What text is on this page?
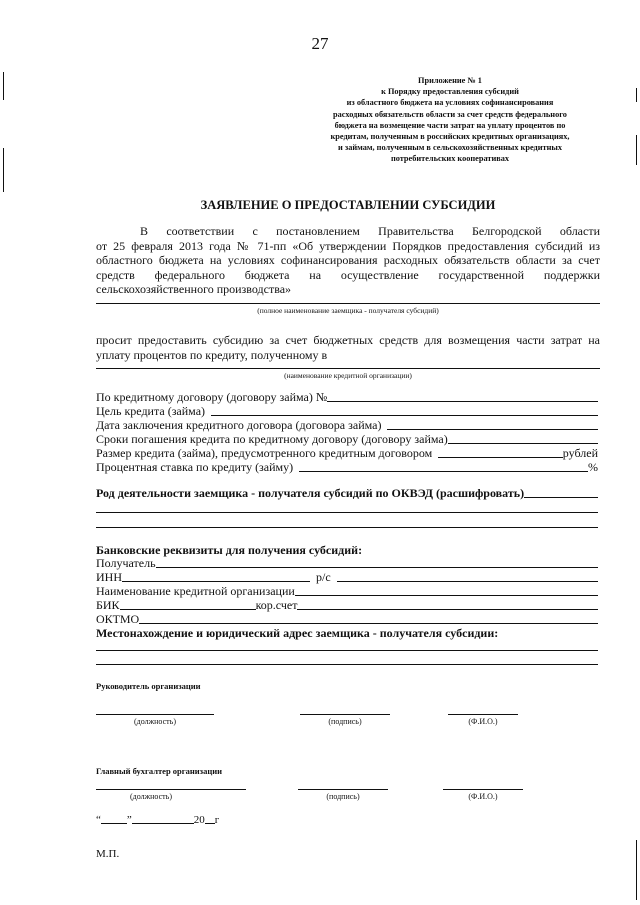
27
Приложение № 1
к Порядку предоставления субсидий
из областного бюджета на условиях софинансирования
расходных обязательств области за счет средств федерального
бюджета на возмещение части затрат на уплату процентов по
кредитам, полученным в российских кредитных организациях,
и займам, полученным в сельскохозяйственных кредитных
потребительских кооперативах
ЗАЯВЛЕНИЕ О ПРЕДОСТАВЛЕНИИ СУБСИДИИ

В соответствии с постановлением Правительства Белгородской области

от 25 февраля 2013 года № 71-пп «Об утверждении Порядков предоставления субсидий из

областного бюджета на условиях софинансирования расходных обязательств области за счет

средств федерального бюджета на осуществление государственной поддержки

сельскохозяйственного производства»

(полное наименование заемщика - получателя субсидий)

просит предоставить субсидию за счет бюджетных средств для возмещения части затрат на

уплату процентов по кредиту, полученному в

(наименование кредитной организации)
По кредитному договору (договору займа) №
Цель кредита (займа)
Дата заключения кредитного договора (договора займа)
Сроки погашения кредита по кредитному договору (договору займа)
Размер кредита (займа), предусмотренного кредитным договором	рублей
Процентная ставка по кредиту (займу)	%
Род деятельности заемщика - получателя субсидий по ОКВЭД (расшифровать)
Банковские реквизиты для получения субсидий:
Получатель
ИНН	р/с
Наименование кредитной организации
БИК	кор.счет
ОКТМО
Местонахождение и юридический адрес заемщика - получателя субсидии:
Руководитель организации
(должность)	(подпись)	(Ф.И.О.)
Главный бухгалтер организации
(должность)	(подпись)	(Ф.И.О.)
“ ”	20 г
М.П.
